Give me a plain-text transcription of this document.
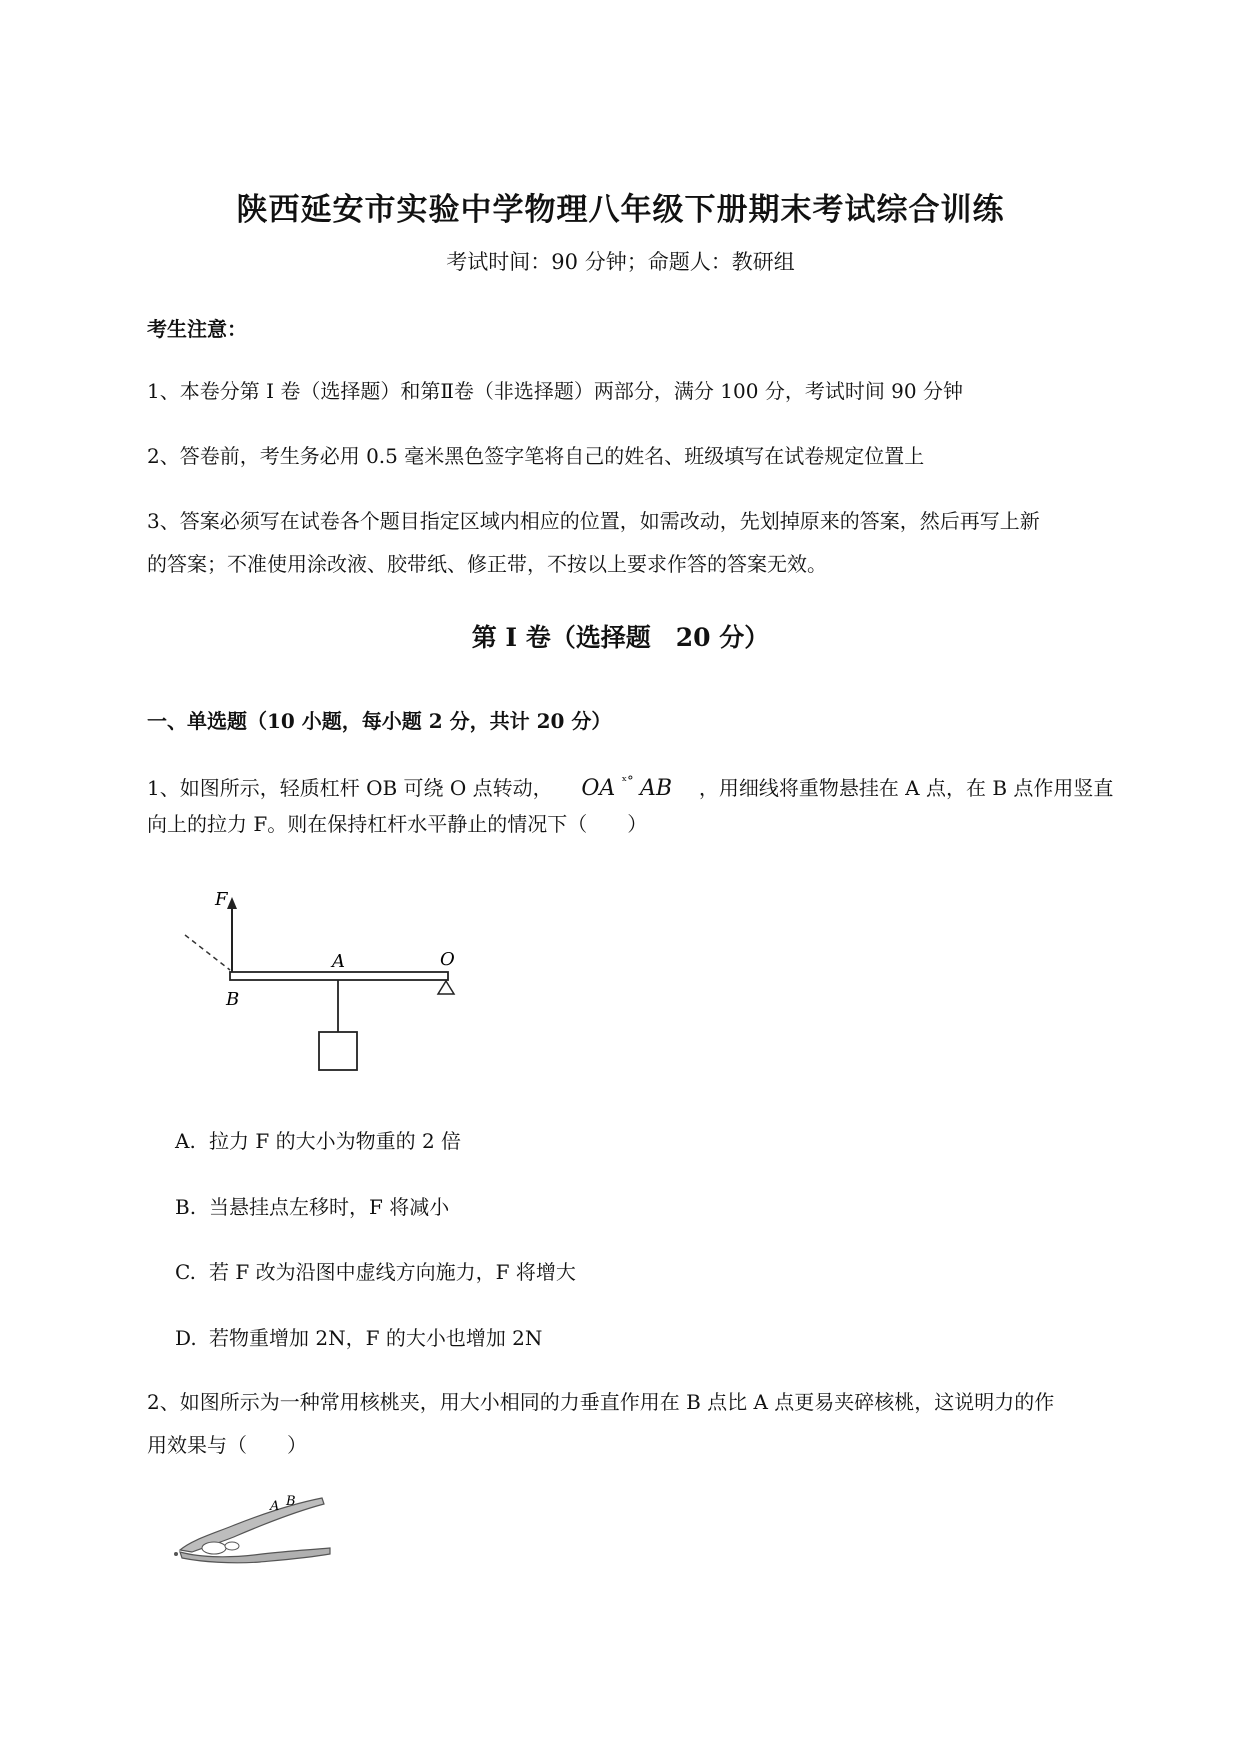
陕西延安市实验中学物理八年级下册期末考试综合训练
考试时间：90 分钟；命题人：教研组
考生注意：
1、本卷分第 I 卷（选择题）和第Ⅱ卷（非选择题）两部分，满分 100 分，考试时间 90 分钟
2、答卷前，考生务必用 0.5 毫米黑色签字笔将自己的姓名、班级填写在试卷规定位置上
3、答案必须写在试卷各个题目指定区域内相应的位置，如需改动，先划掉原来的答案，然后再写上新
的答案；不准使用涂改液、胶带纸、修正带，不按以上要求作答的答案无效。
第 I 卷（选择题　20 分）
一、单选题（10 小题，每小题 2 分，共计 20 分）
1、如图所示，轻质杠杆 OB 可绕 O 点转动， OA $^{ˣ^\circ}$ AB ，用细线将重物悬挂在 A 点，在 B 点作用竖直
向上的拉力 F。则在保持杠杆水平静止的情况下（　　）
F
A	O
B
A. 拉力 F 的大小为物重的 2 倍
B. 当悬挂点左移时，F 将减小
C. 若 F 改为沿图中虚线方向施力，F 将增大
D. 若物重增加 2N，F 的大小也增加 2N
2、如图所示为一种常用核桃夹，用大小相同的力垂直作用在 B 点比 A 点更易夹碎核桃，这说明力的作
用效果与（　　）
A B
